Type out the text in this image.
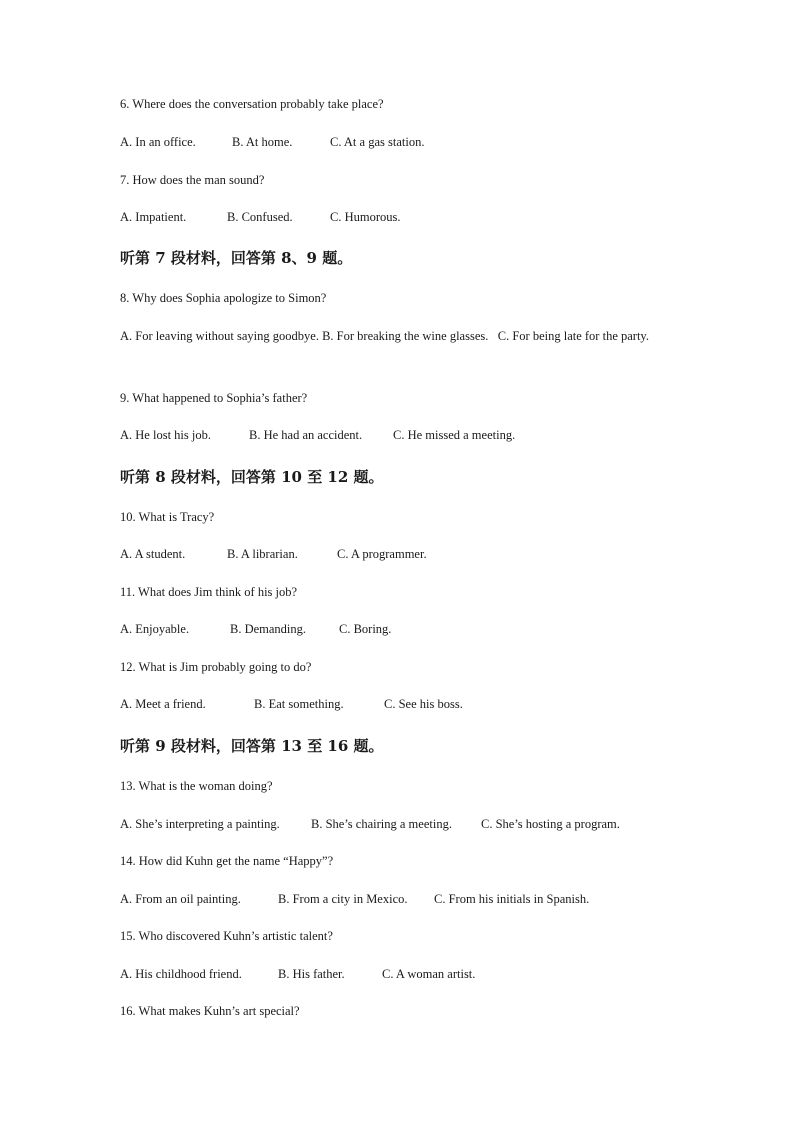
6. Where does the conversation probably take place?
A. In an office.	B. At home.	C. At a gas station.
7. How does the man sound?
A. Impatient.	B. Confused.	C. Humorous.
听第 7 段材料，回答第 8、9 题。
8. Why does Sophia apologize to Simon?
A. For leaving without saying goodbye. B. For breaking the wine glasses. C. For being late for the party.
9. What happened to Sophia’s father?
A. He lost his job.	B. He had an accident. C. He missed a meeting.
听第 8 段材料，回答第 10 至 12 题。
10. What is Tracy?
A. A student.	B. A librarian.	C. A programmer.
11. What does Jim think of his job?
A. Enjoyable.	B. Demanding.	C. Boring.
12. What is Jim probably going to do?
A. Meet a friend.	B. Eat something.	C. See his boss.
听第 9 段材料，回答第 13 至 16 题。
13. What is the woman doing?
A. She’s interpreting a painting.	B. She’s chairing a meeting. C. She’s hosting a program.
14. How did Kuhn get the name “Happy”?
A. From an oil painting.	B. From a city in Mexico. C. From his initials in Spanish.
15. Who discovered Kuhn’s artistic talent?
A. His childhood friend.	B. His father.	C. A woman artist.
16. What makes Kuhn’s art special?
